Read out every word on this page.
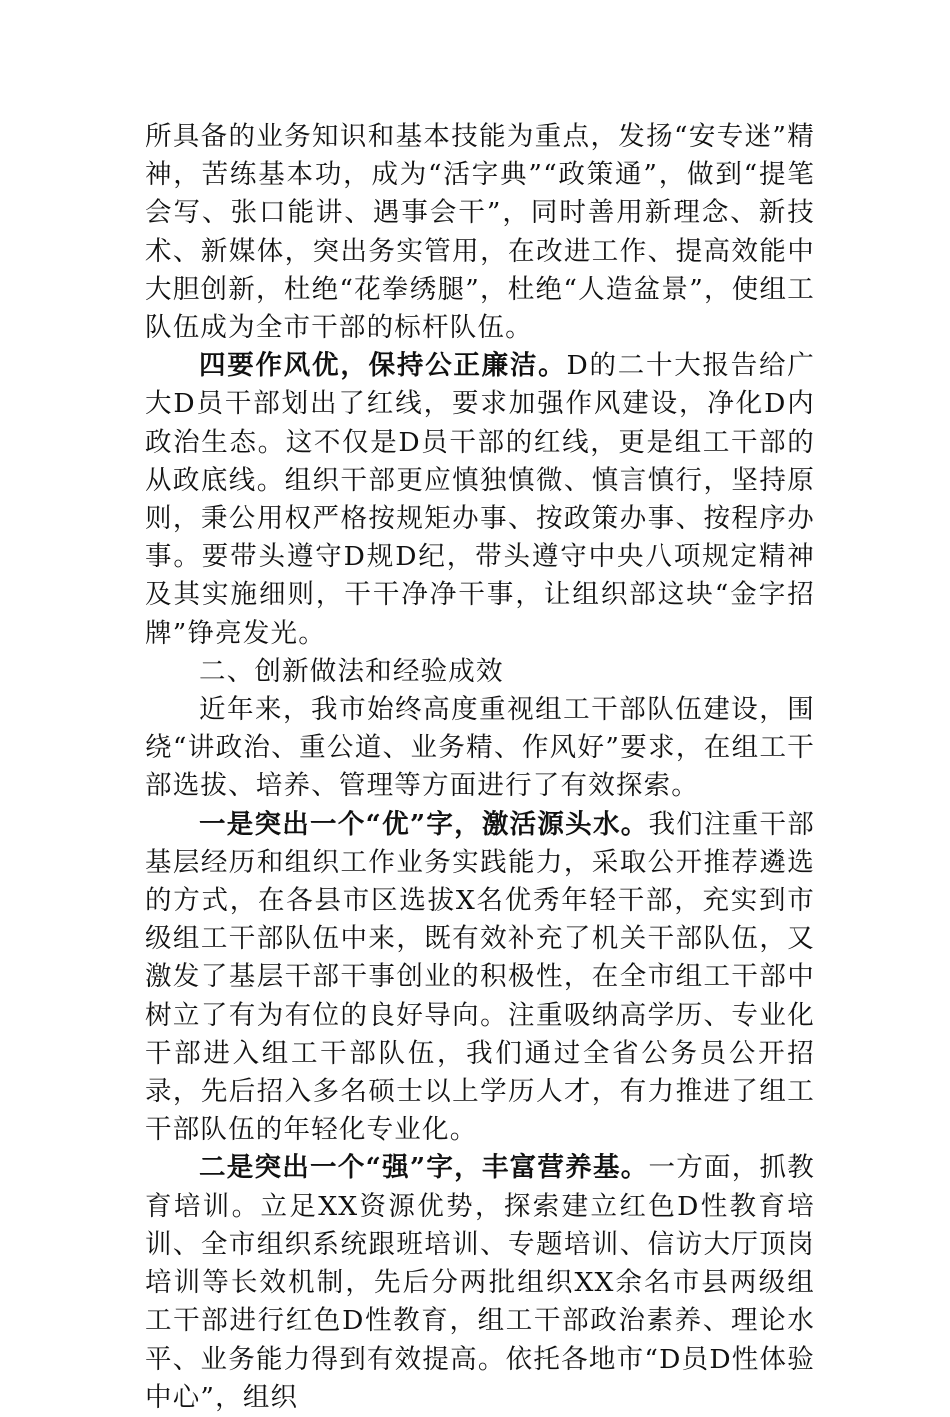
所具备的业务知识和基本技能为重点，发扬“安专迷”精神，苦练基本功，成为“活字典”“政策通”，做到“提笔会写、张口能讲、遇事会干”，同时善用新理念、新技术、新媒体，突出务实管用，在改进工作、提高效能中大胆创新，杜绝“花拳绣腿”，杜绝“人造盆景”，使组工队伍成为全市干部的标杆队伍。

四要作风优，保持公正廉洁。D的二十大报告给广大D员干部划出了红线，要求加强作风建设，净化D内政治生态。这不仅是D员干部的红线，更是组工干部的从政底线。组织干部更应慎独慎微、慎言慎行，坚持原则，秉公用权严格按规矩办事、按政策办事、按程序办事。要带头遵守D规D纪，带头遵守中央八项规定精神及其实施细则，干干净净干事，让组织部这块“金字招牌”铮亮发光。

二、创新做法和经验成效

近年来，我市始终高度重视组工干部队伍建设，围绕“讲政治、重公道、业务精、作风好”要求，在组工干部选拔、培养、管理等方面进行了有效探索。

一是突出一个“优”字，激活源头水。我们注重干部基层经历和组织工作业务实践能力，采取公开推荐遴选的方式，在各县市区选拔X名优秀年轻干部，充实到市级组工干部队伍中来，既有效补充了机关干部队伍，又激发了基层干部干事创业的积极性，在全市组工干部中树立了有为有位的良好导向。注重吸纳高学历、专业化干部进入组工干部队伍，我们通过全省公务员公开招录，先后招入多名硕士以上学历人才，有力推进了组工干部队伍的年轻化专业化。

二是突出一个“强”字，丰富营养基。一方面，抓教育培训。立足XX资源优势，探索建立红色D性教育培训、全市组织系统跟班培训、专题培训、信访大厅顶岗培训等长效机制，先后分两批组织XX余名市县两级组工干部进行红色D性教育，组工干部政治素养、理论水平、业务能力得到有效提高。依托各地市“D员D性体验中心”，组织
